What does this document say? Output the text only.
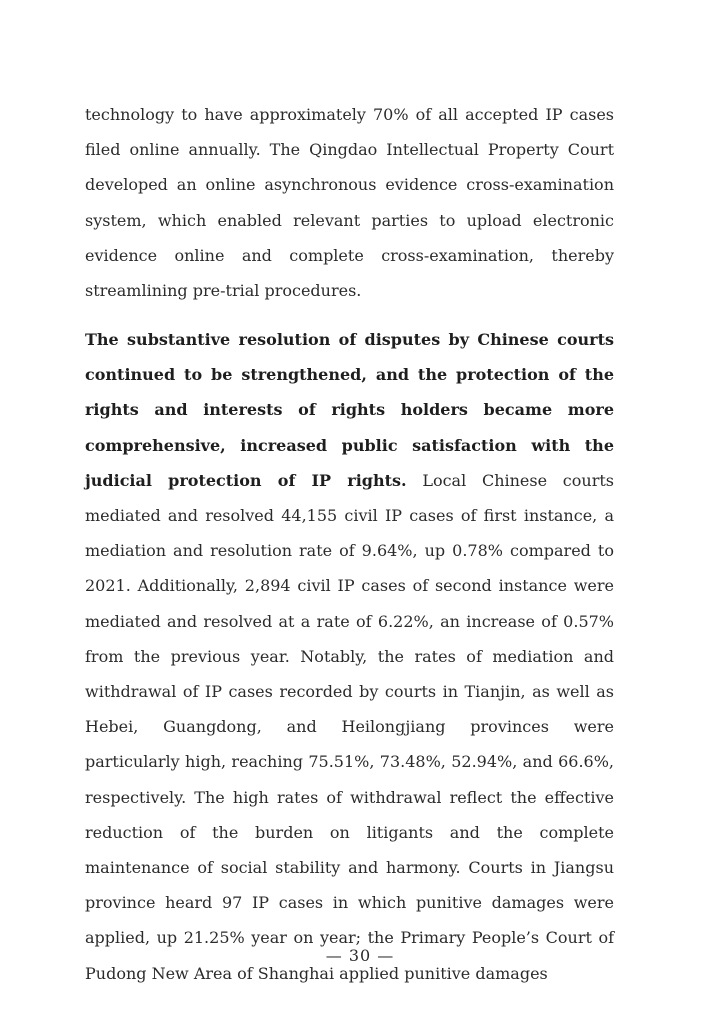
technology to have approximately 70% of all accepted IP cases filed online annually. The Qingdao Intellectual Property Court developed an online asynchronous evidence cross-examination system, which enabled relevant parties to upload electronic evidence online and complete cross-examination, thereby streamlining pre-trial procedures.
The substantive resolution of disputes by Chinese courts continued to be strengthened, and the protection of the rights and interests of rights holders became more comprehensive, increased public satisfaction with the judicial protection of IP rights. Local Chinese courts mediated and resolved 44,155 civil IP cases of first instance, a mediation and resolution rate of 9.64%, up 0.78% compared to 2021. Additionally, 2,894 civil IP cases of second instance were mediated and resolved at a rate of 6.22%, an increase of 0.57% from the previous year. Notably, the rates of mediation and withdrawal of IP cases recorded by courts in Tianjin, as well as Hebei, Guangdong, and Heilongjiang provinces were particularly high, reaching 75.51%, 73.48%, 52.94%, and 66.6%, respectively. The high rates of withdrawal reflect the effective reduction of the burden on litigants and the complete maintenance of social stability and harmony. Courts in Jiangsu province heard 97 IP cases in which punitive damages were applied, up 21.25% year on year; the Primary People’s Court of Pudong New Area of Shanghai applied punitive damages
— 30 —
